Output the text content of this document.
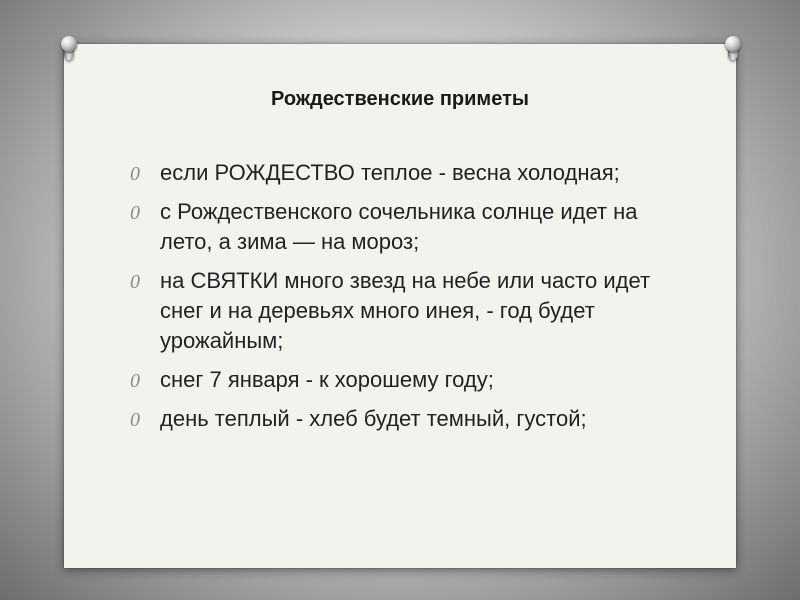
Рождественские приметы
0 если РОЖДЕСТВО теплое - весна холодная;
0 с Рождественского сочельника солнце идет на лето, а зима — на мороз;
0 на СВЯТКИ много звезд на небе или часто идет снег и на деревьях много инея, - год будет урожайным;
0 снег 7 января - к хорошему году;
0 день теплый - хлеб будет темный, густой;
